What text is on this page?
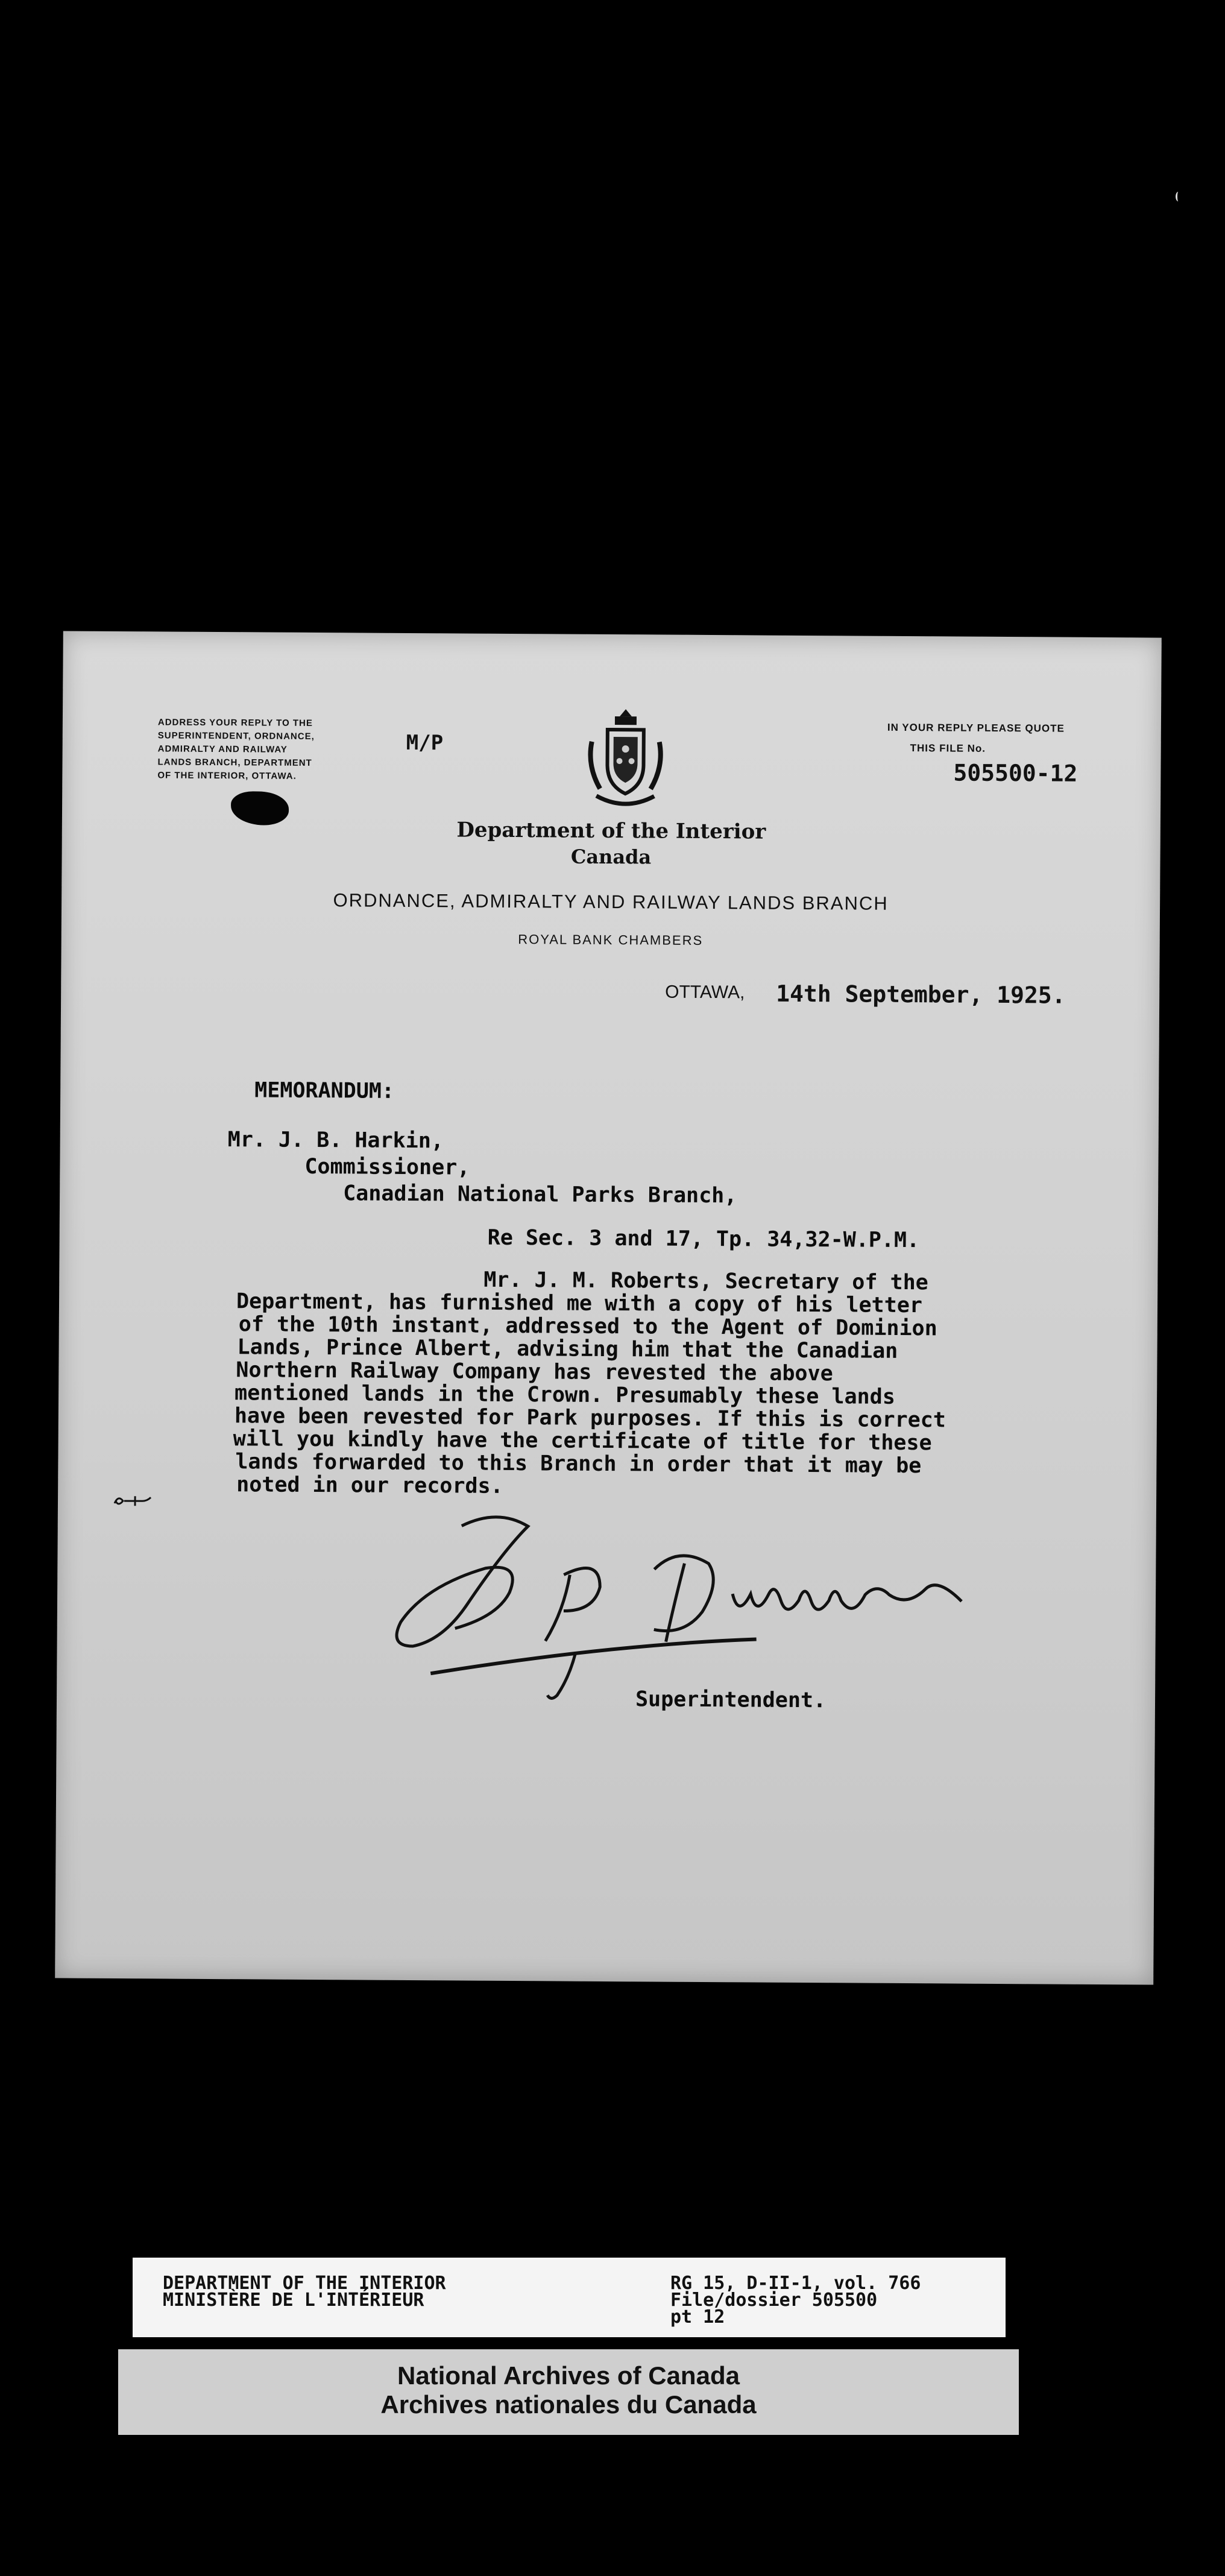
ADDRESS YOUR REPLY TO THE
SUPERINTENDENT, ORDNANCE,
ADMIRALTY AND RAILWAY
LANDS BRANCH, DEPARTMENT
OF THE INTERIOR, OTTAWA.
M/P
IN YOUR REPLY PLEASE QUOTE
THIS FILE No.
505500-12
Department of the Interior
Canada
ORDNANCE, ADMIRALTY AND RAILWAY LANDS BRANCH
ROYAL BANK CHAMBERS
OTTAWA, 14th September, 1925.
MEMORANDUM:
Mr. J. B. Harkin,
Commissioner,
Canadian National Parks Branch,
Re Sec. 3 and 17, Tp. 34,32-W.P.M.
Mr. J. M. Roberts, Secretary of the
Department, has furnished me with a copy of his letter
of the 10th instant, addressed to the Agent of Dominion
Lands, Prince Albert, advising him that the Canadian
Northern Railway Company has revested the above
mentioned lands in the Crown. Presumably these lands
have been revested for Park purposes. If this is correct
will you kindly have the certificate of title for these
lands forwarded to this Branch in order that it may be
noted in our records.
Superintendent.
DEPARTMENT OF THE INTERIOR
MINISTÈRE DE L'INTÉRIEUR
RG 15, D-II-1, vol. 766
File/dossier 505500
pt 12
National Archives of Canada
Archives nationales du Canada
